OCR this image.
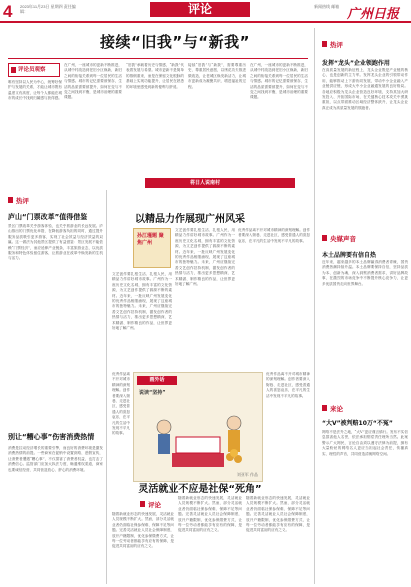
4 2023年11月23日 星期四 责任编辑：	评论	新闻热线 邮箱
广州日报
接续“旧我”与“新我”
评论员观察
在广州，一座城市的更新不断推进，从城中村改造到老旧小区焕新，新旧之间的衔接关系到每一位居民的生活与情感。城市的记忆需要被保存，生活的品质需要被提升，如何在变与不变之间找到平衡，是城市治理的重要课题。
唯有坚持以人民为中心，统筹好保护与发展的关系，才能让城市既有温度又有高度，让每个人都能在城市的成长中找到归属感与获得感。
“旧我”承载着历史与情感，“新我”代表着发展与希望。城市更新不是简单的推倒重来，而是在保留文化根脉的基础上实现功能提升，让居民在熟悉的环境里感受到新的便利与舒适。
接续“旧我”与“新我”，需要尊重历史、尊重居民意愿，以绣花功夫推进微改造，让老城区焕发新活力，让城市更新成为凝聚共识、增进福祉的过程。
在广州，一座城市的更新不断推进，从城中村改造到老旧小区焕新，新旧之间的衔接关系到每一位居民的生活与情感。城市的记忆需要被保存，生活的品质需要被提升，如何在变与不变之间找到平衡，是城市治理的重要课题。
将日人说南村
热评
发挥“龙头”企业领跑作用
在高质量发展的新征程上，龙头企业既是产业链的核心，也是创新的主力军。发挥龙头企业的引领带动作用，能够推动上下游协同发展，带动中小企业融入产业链供应链，形成大中小企业融通发展的良好格局。各地应积极为龙头企业营造良好环境，支持其加大研发投入、开拓国际市场，在关键核心技术攻关中勇挑重担，以点带面推动区域经济整体跃升，让龙头企业真正成为高质量发展的领跑者。
央媒声音
本土品牌要有信自热
近年来，越来越多的本土品牌赢得消费者青睐，国货消费热潮持续升温。本土品牌要保持自信，坚持品质为本、创新为魂，深入洞察消费者需求，讲好品牌故事，在激烈的市场竞争中不断提升核心竞争力，让更多优质国货走向世界舞台。
来论
“大V”被判赔10万“不冤”
网络不是法外之地，“大V”更应谨言慎行。发布不实信息损害他人名誉，依法承担赔偿责任理所当然。此案警示广大网民，言论自由须以遵守法律为前提，拥有大量粉丝的网络名人更应当担起社会责任，传播真实、理性的声音，共同营造清朗网络空间。
热评
庐山“门票改革”值得借鉴
景区门票改革关乎游客体验，也关乎旅游业的长远发展。庐山推出的门票优化举措，在降低游客负担的同时，通过提升服务品质吸引更多游客，实现了社会效益与经济效益的双赢。这一做法为其他景区提供了有益借鉴：景区发展不能依赖“门票经济”，而应延伸产业链条，丰富旅游业态，以优质服务和特色体验留住游客，让旅游业在改革中焕发新的生机与活力。
别让“糟心事”伤害消费热情
消费是拉动经济增长的重要引擎，而良好的消费环境是激发消费热情的前提。一些商家在促销中设置套路、虚假宣传，让消费者遭遇“糟心事”，不仅损害了消费者权益，也打击了消费信心。监管部门应加大执法力度，畅通维权渠道，商家也要诚信经营，共同营造放心、舒心的消费环境。
以精品力作展现广州风采
孙江瑾题 聚焦广州
文艺创作要扎根生活、扎根人民，用精品力作讲好城市故事。广州作为一座历史文化名城，拥有丰富的文化资源，为文艺创作提供了源源不断的素材。近年来，一批反映广州发展变化的优秀作品相继涌现，展现了这座城市的独特魅力。未来，广州应继续完善文艺创作扶持机制，激发创作者的热情与活力，推出更多思想精深、艺术精湛、制作精良的作品，让世界更好地了解广州。
文艺创作要扎根生活、扎根人民，用精品力作讲好城市故事。广州作为一座历史文化名城，拥有丰富的文化资源，为文艺创作提供了源源不断的素材。近年来，一批反映广州发展变化的优秀作品相继涌现，展现了这座城市的独特魅力。未来，广州应继续完善文艺创作扶持机制，激发创作者的热情与活力，推出更多思想精深、艺术精湛、制作精良的作品，让世界更好地了解广州。
优秀作品离不开对城市精神的深刻理解。创作者要深入街巷、走进社区，感受普通人的喜怒哀乐，在平凡的生活中发现不平凡的故事。
画外话
说读“坚持”
应聘 招聘会
刘亚军 作品
优秀作品离不开对城市精神的深刻理解。创作者要深入街巷、走进社区，感受普通人的喜怒哀乐，在平凡的生活中发现不平凡的故事。
优秀作品离不开对城市精神的深刻理解。创作者要深入街巷、走进社区，感受普通人的喜怒哀乐，在平凡的生活中发现不平凡的故事。
灵活就业不应是社保“死角”
评论
随着新就业形态的快速发展，灵活就业人员规模不断扩大。然而，部分灵活就业者仍面临社保参保难、保障不足等问题。完善灵活就业人员社会保障制度，放开户籍限制，优化参保缴费方式，让每一位劳动者都能享有应有的保障，是促进共同富裕的应有之义。
随着新就业形态的快速发展，灵活就业人员规模不断扩大。然而，部分灵活就业者仍面临社保参保难、保障不足等问题。完善灵活就业人员社会保障制度，放开户籍限制，优化参保缴费方式，让每一位劳动者都能享有应有的保障，是促进共同富裕的应有之义。
随着新就业形态的快速发展，灵活就业人员规模不断扩大。然而，部分灵活就业者仍面临社保参保难、保障不足等问题。完善灵活就业人员社会保障制度，放开户籍限制，优化参保缴费方式，让每一位劳动者都能享有应有的保障，是促进共同富裕的应有之义。
